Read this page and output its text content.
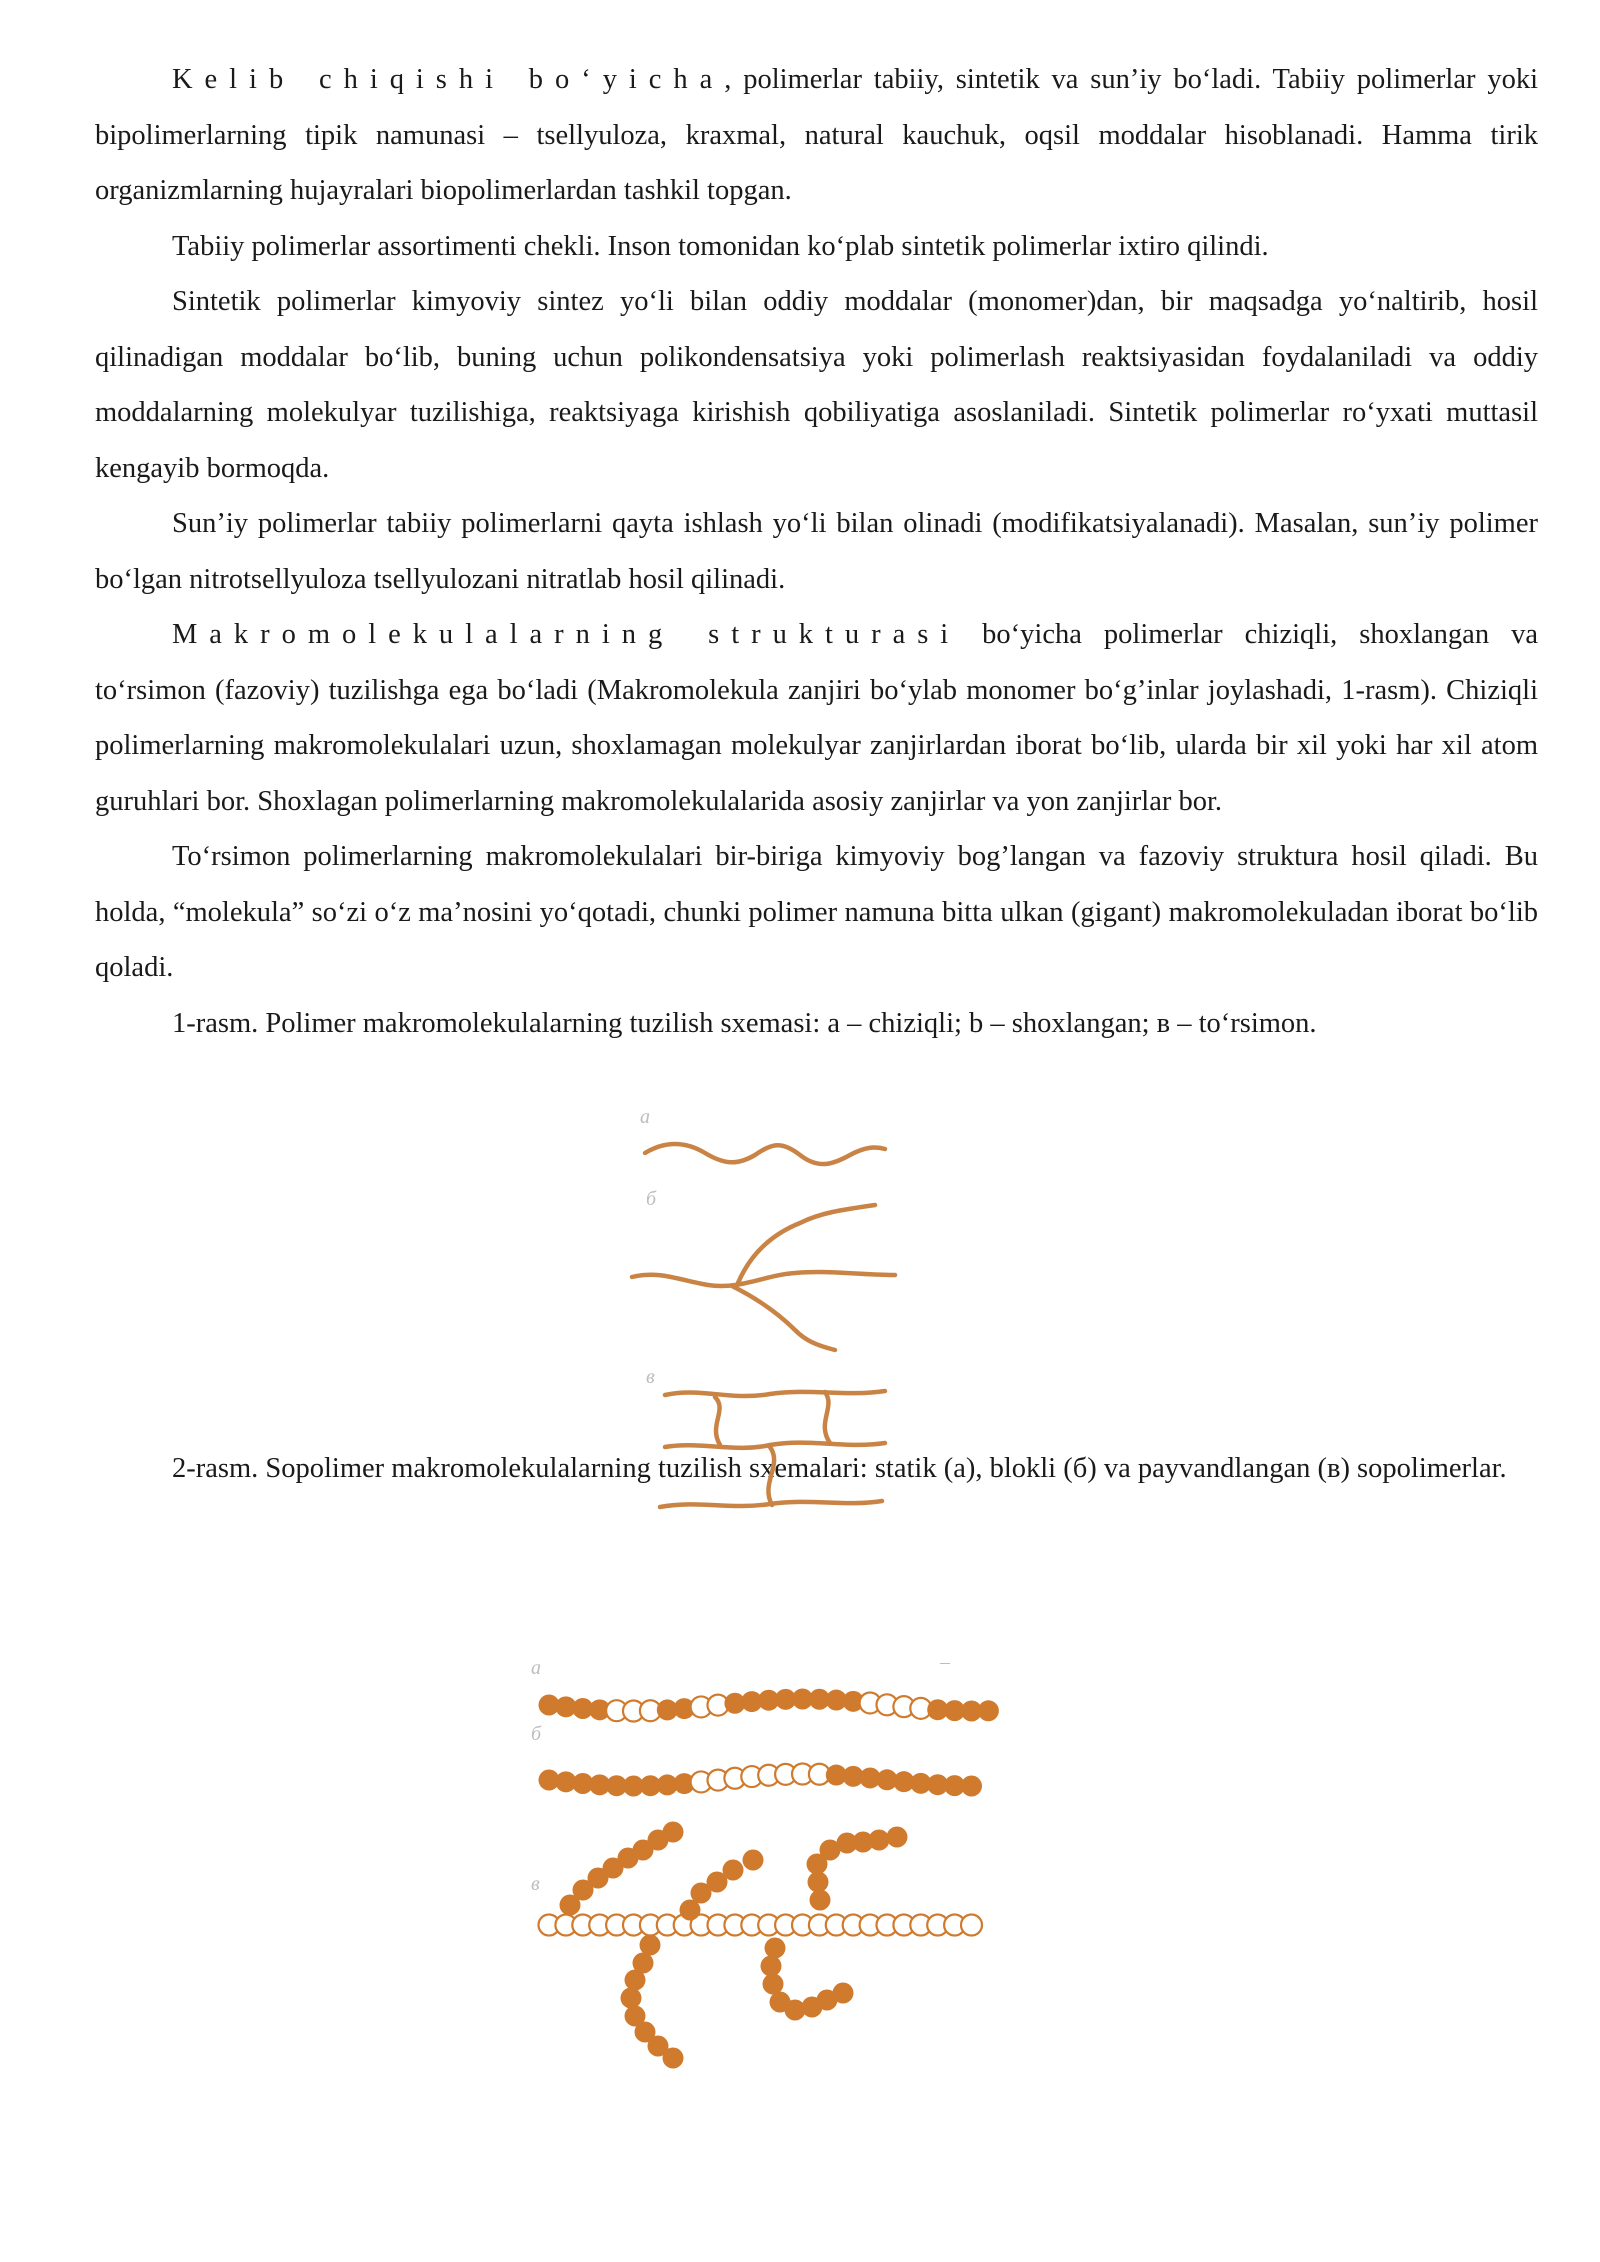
Kelib chiqishi bo‘yicha, polimerlar tabiiy, sintetik va sun’iy bo‘ladi. Tabiiy polimerlar yoki bipolimerlarning tipik namunasi – tsellyuloza, kraxmal, natural kauchuk, oqsil moddalar hisoblanadi. Hamma tirik organizmlarning hujayralari biopolimerlardan tashkil topgan.

Tabiiy polimerlar assortimenti chekli. Inson tomonidan ko‘plab sintetik polimerlar ixtiro qilindi.

Sintetik polimerlar kimyoviy sintez yo‘li bilan oddiy moddalar (monomer)dan, bir maqsadga yo‘naltirib, hosil qilinadigan moddalar bo‘lib, buning uchun polikondensatsiya yoki polimerlash reaktsiyasidan foydalaniladi va oddiy moddalarning molekulyar tuzilishiga, reaktsiyaga kirishish qobiliyatiga asoslaniladi. Sintetik polimerlar ro‘yxati muttasil kengayib bormoqda.

Sun’iy polimerlar tabiiy polimerlarni qayta ishlash yo‘li bilan olinadi (modifikatsiyalanadi). Masalan, sun’iy polimer bo‘lgan nitrotsellyuloza tsellyulozani nitratlab hosil qilinadi.

Makromolekulalarning strukturasi bo‘yicha polimerlar chiziqli, shoxlangan va to‘rsimon (fazoviy) tuzilishga ega bo‘ladi (Makromolekula zanjiri bo‘ylab monomer bo‘g’inlar joylashadi, 1-rasm). Chiziqli polimerlarning makromolekulalari uzun, shoxlamagan molekulyar zanjirlardan iborat bo‘lib, ularda bir xil yoki har xil atom guruhlari bor. Shoxlagan polimerlarning makromolekulalarida asosiy zanjirlar va yon zanjirlar bor.

To‘rsimon polimerlarning makromolekulalari bir-biriga kimyoviy bog’langan va fazoviy struktura hosil qiladi. Bu holda, “molekula” so‘zi o‘z ma’nosini yo‘qotadi, chunki polimer namuna bitta ulkan (gigant) makromolekuladan iborat bo‘lib qoladi.

1-rasm. Polimer makromolekulalarning tuzilish sxemasi: a – chiziqli; b – shoxlangan; в – to‘rsimon.

2-rasm. Sopolimer makromolekulalarning tuzilish sxemalari: statik (a), blokli (б) va payvandlangan (в) sopolimerlar.

a
б
в
a	–
б
в
